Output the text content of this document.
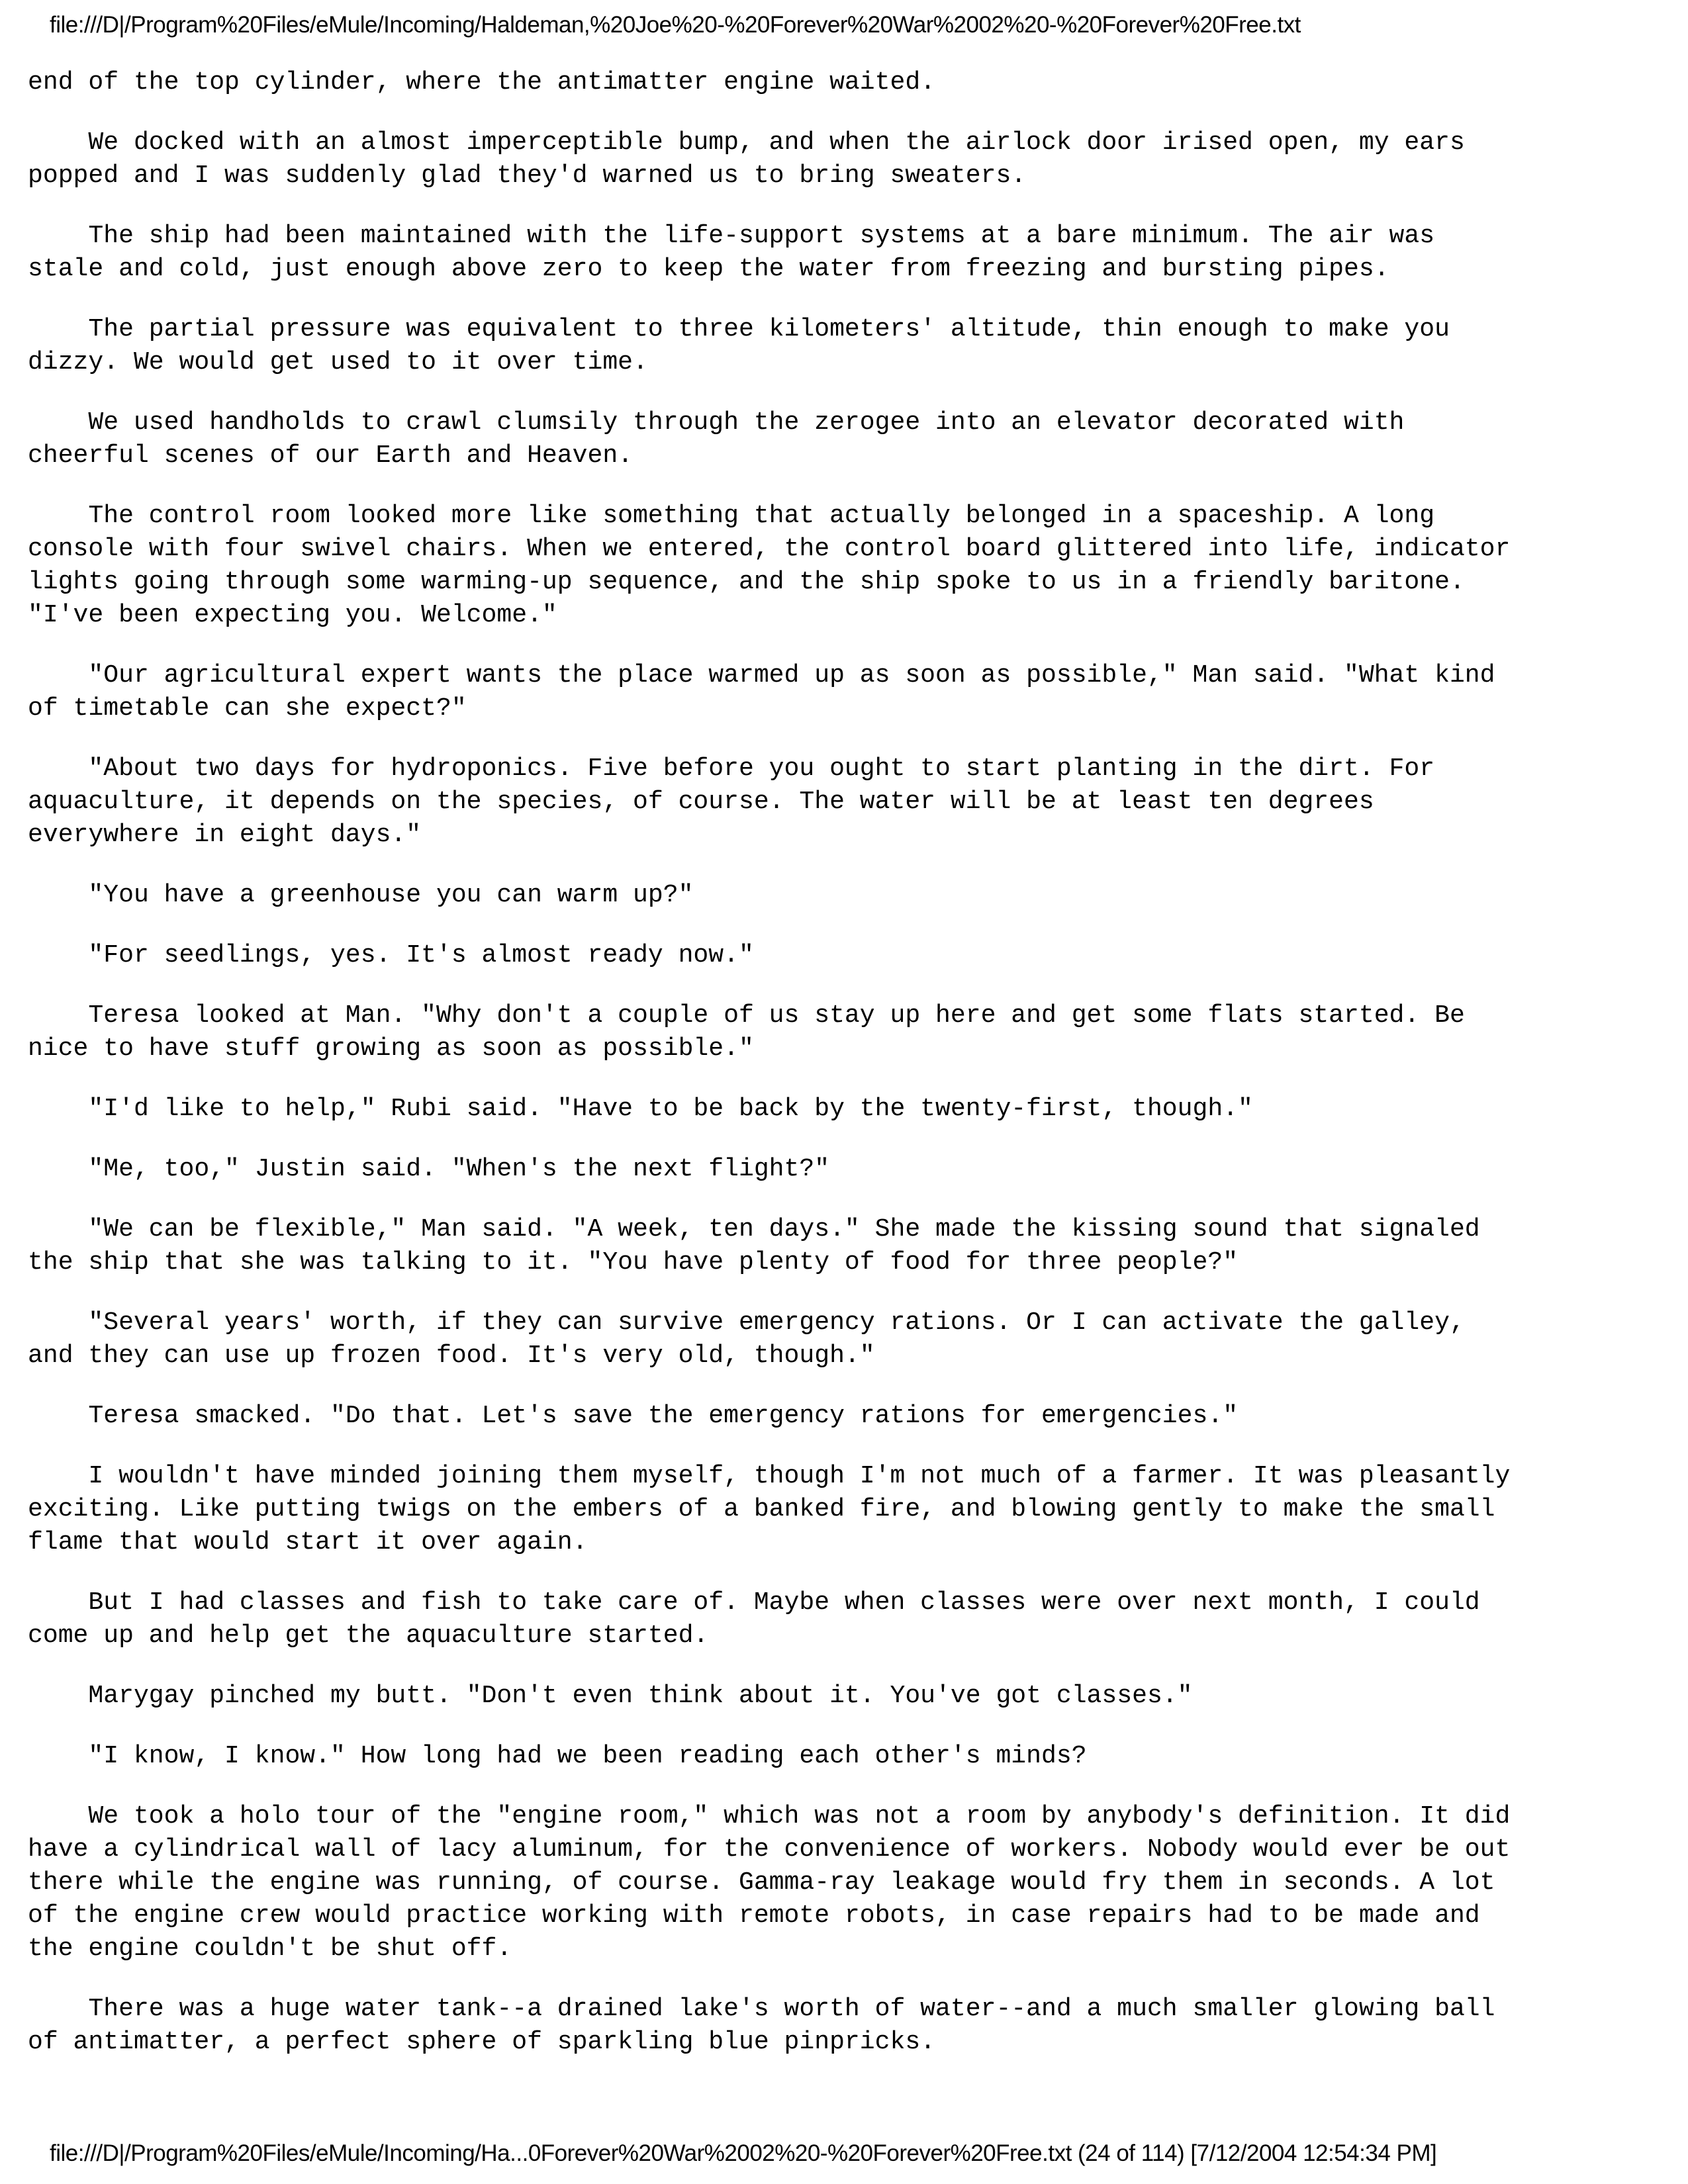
file:///D|/Program%20Files/eMule/Incoming/Haldeman,%20Joe%20-%20Forever%20War%2002%20-%20Forever%20Free.txt

end of the top cylinder, where the antimatter engine waited.

We docked with an almost imperceptible bump, and when the airlock door irised open, my ears
popped and I was suddenly glad they'd warned us to bring sweaters.

The ship had been maintained with the life-support systems at a bare minimum. The air was
stale and cold, just enough above zero to keep the water from freezing and bursting pipes.

The partial pressure was equivalent to three kilometers' altitude, thin enough to make you
dizzy. We would get used to it over time.

We used handholds to crawl clumsily through the zerogee into an elevator decorated with
cheerful scenes of our Earth and Heaven.

The control room looked more like something that actually belonged in a spaceship. A long
console with four swivel chairs. When we entered, the control board glittered into life, indicator
lights going through some warming-up sequence, and the ship spoke to us in a friendly baritone.
"I've been expecting you. Welcome."

"Our agricultural expert wants the place warmed up as soon as possible," Man said. "What kind
of timetable can she expect?"

"About two days for hydroponics. Five before you ought to start planting in the dirt. For
aquaculture, it depends on the species, of course. The water will be at least ten degrees
everywhere in eight days."

"You have a greenhouse you can warm up?"

"For seedlings, yes. It's almost ready now."

Teresa looked at Man. "Why don't a couple of us stay up here and get some flats started. Be
nice to have stuff growing as soon as possible."

"I'd like to help," Rubi said. "Have to be back by the twenty-first, though."

"Me, too," Justin said. "When's the next flight?"

"We can be flexible," Man said. "A week, ten days." She made the kissing sound that signaled
the ship that she was talking to it. "You have plenty of food for three people?"

"Several years' worth, if they can survive emergency rations. Or I can activate the galley,
and they can use up frozen food. It's very old, though."

Teresa smacked. "Do that. Let's save the emergency rations for emergencies."

I wouldn't have minded joining them myself, though I'm not much of a farmer. It was pleasantly
exciting. Like putting twigs on the embers of a banked fire, and blowing gently to make the small
flame that would start it over again.

But I had classes and fish to take care of. Maybe when classes were over next month, I could
come up and help get the aquaculture started.

Marygay pinched my butt. "Don't even think about it. You've got classes."

"I know, I know." How long had we been reading each other's minds?

We took a holo tour of the "engine room," which was not a room by anybody's definition. It did
have a cylindrical wall of lacy aluminum, for the convenience of workers. Nobody would ever be out
there while the engine was running, of course. Gamma-ray leakage would fry them in seconds. A lot
of the engine crew would practice working with remote robots, in case repairs had to be made and
the engine couldn't be shut off.

There was a huge water tank--a drained lake's worth of water--and a much smaller glowing ball
of antimatter, a perfect sphere of sparkling blue pinpricks.

file:///D|/Program%20Files/eMule/Incoming/Ha...0Forever%20War%2002%20-%20Forever%20Free.txt (24 of 114) [7/12/2004 12:54:34 PM]
